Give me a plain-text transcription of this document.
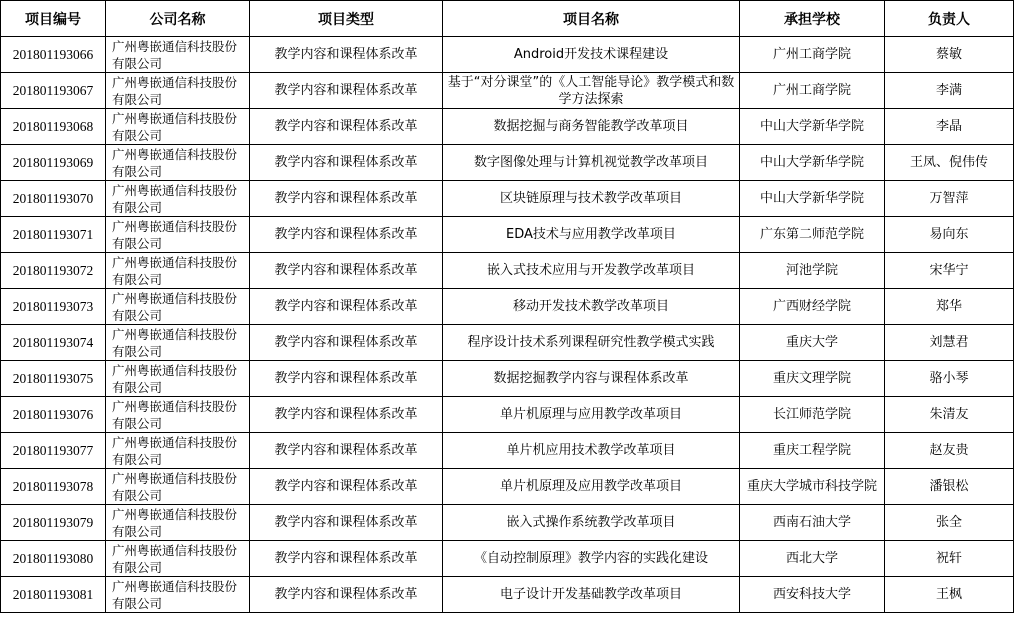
项目编号	公司名称	项目类型	项目名称	承担学校	负责人
201801193066	广州粤嵌通信科技股份有限公司	教学内容和课程体系改革	Android开发技术课程建设	广州工商学院	蔡敏
201801193067	广州粤嵌通信科技股份有限公司	教学内容和课程体系改革	基于“对分课堂”的《人工智能导论》教学模式和数学方法探索	广州工商学院	李满
201801193068	广州粤嵌通信科技股份有限公司	教学内容和课程体系改革	数据挖掘与商务智能教学改革项目	中山大学新华学院	李晶
201801193069	广州粤嵌通信科技股份有限公司	教学内容和课程体系改革	数字图像处理与计算机视觉教学改革项目	中山大学新华学院	王凤、倪伟传
201801193070	广州粤嵌通信科技股份有限公司	教学内容和课程体系改革	区块链原理与技术教学改革项目	中山大学新华学院	万智萍
201801193071	广州粤嵌通信科技股份有限公司	教学内容和课程体系改革	EDA技术与应用教学改革项目	广东第二师范学院	易向东
201801193072	广州粤嵌通信科技股份有限公司	教学内容和课程体系改革	嵌入式技术应用与开发教学改革项目	河池学院	宋华宁
201801193073	广州粤嵌通信科技股份有限公司	教学内容和课程体系改革	移动开发技术教学改革项目	广西财经学院	郑华
201801193074	广州粤嵌通信科技股份有限公司	教学内容和课程体系改革	程序设计技术系列课程研究性教学模式实践	重庆大学	刘慧君
201801193075	广州粤嵌通信科技股份有限公司	教学内容和课程体系改革	数据挖掘教学内容与课程体系改革	重庆文理学院	骆小琴
201801193076	广州粤嵌通信科技股份有限公司	教学内容和课程体系改革	单片机原理与应用教学改革项目	长江师范学院	朱清友
201801193077	广州粤嵌通信科技股份有限公司	教学内容和课程体系改革	单片机应用技术教学改革项目	重庆工程学院	赵友贵
201801193078	广州粤嵌通信科技股份有限公司	教学内容和课程体系改革	单片机原理及应用教学改革项目	重庆大学城市科技学院	潘银松
201801193079	广州粤嵌通信科技股份有限公司	教学内容和课程体系改革	嵌入式操作系统教学改革项目	西南石油大学	张全
201801193080	广州粤嵌通信科技股份有限公司	教学内容和课程体系改革	《自动控制原理》教学内容的实践化建设	西北大学	祝轩
201801193081	广州粤嵌通信科技股份有限公司	教学内容和课程体系改革	电子设计开发基础教学改革项目	西安科技大学	王枫
